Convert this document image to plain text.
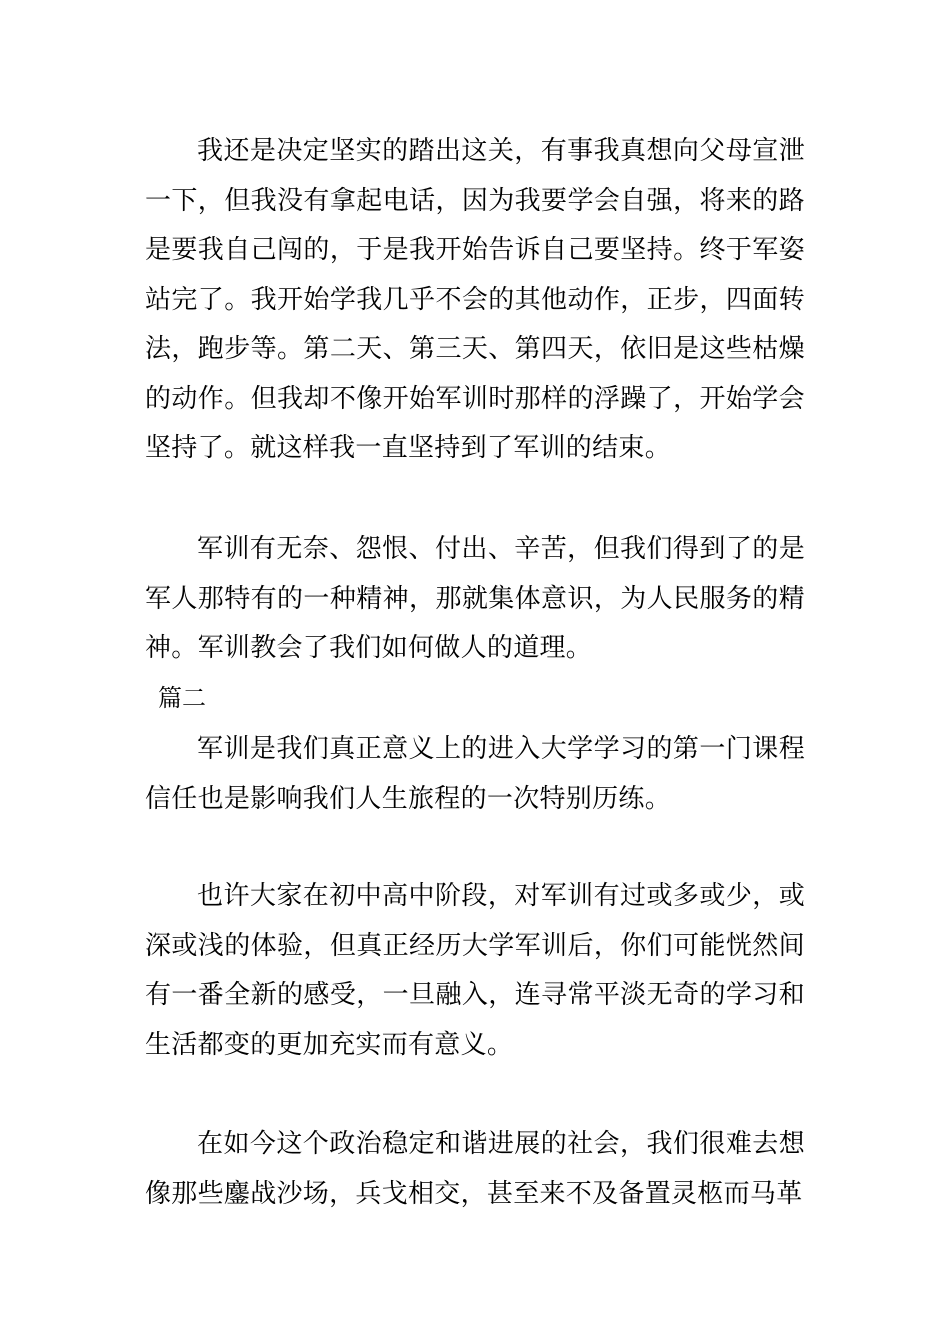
我还是决定坚实的踏出这关，有事我真想向父母宣泄一下，但我没有拿起电话，因为我要学会自强，将来的路是要我自己闯的，于是我开始告诉自己要坚持。终于军姿站完了。我开始学我几乎不会的其他动作，正步，四面转法，跑步等。第二天、第三天、第四天，依旧是这些枯燥的动作。但我却不像开始军训时那样的浮躁了，开始学会坚持了。就这样我一直坚持到了军训的结束。

军训有无奈、怨恨、付出、辛苦，但我们得到了的是军人那特有的一种精神，那就集体意识，为人民服务的精神。军训教会了我们如何做人的道理。

篇二

军训是我们真正意义上的进入大学学习的第一门课程信任也是影响我们人生旅程的一次特别历练。

也许大家在初中高中阶段，对军训有过或多或少，或深或浅的体验，但真正经历大学军训后，你们可能恍然间有一番全新的感受，一旦融入，连寻常平淡无奇的学习和生活都变的更加充实而有意义。

在如今这个政治稳定和谐进展的社会，我们很难去想像那些鏖战沙场，兵戈相交，甚至来不及备置灵柩而马革
